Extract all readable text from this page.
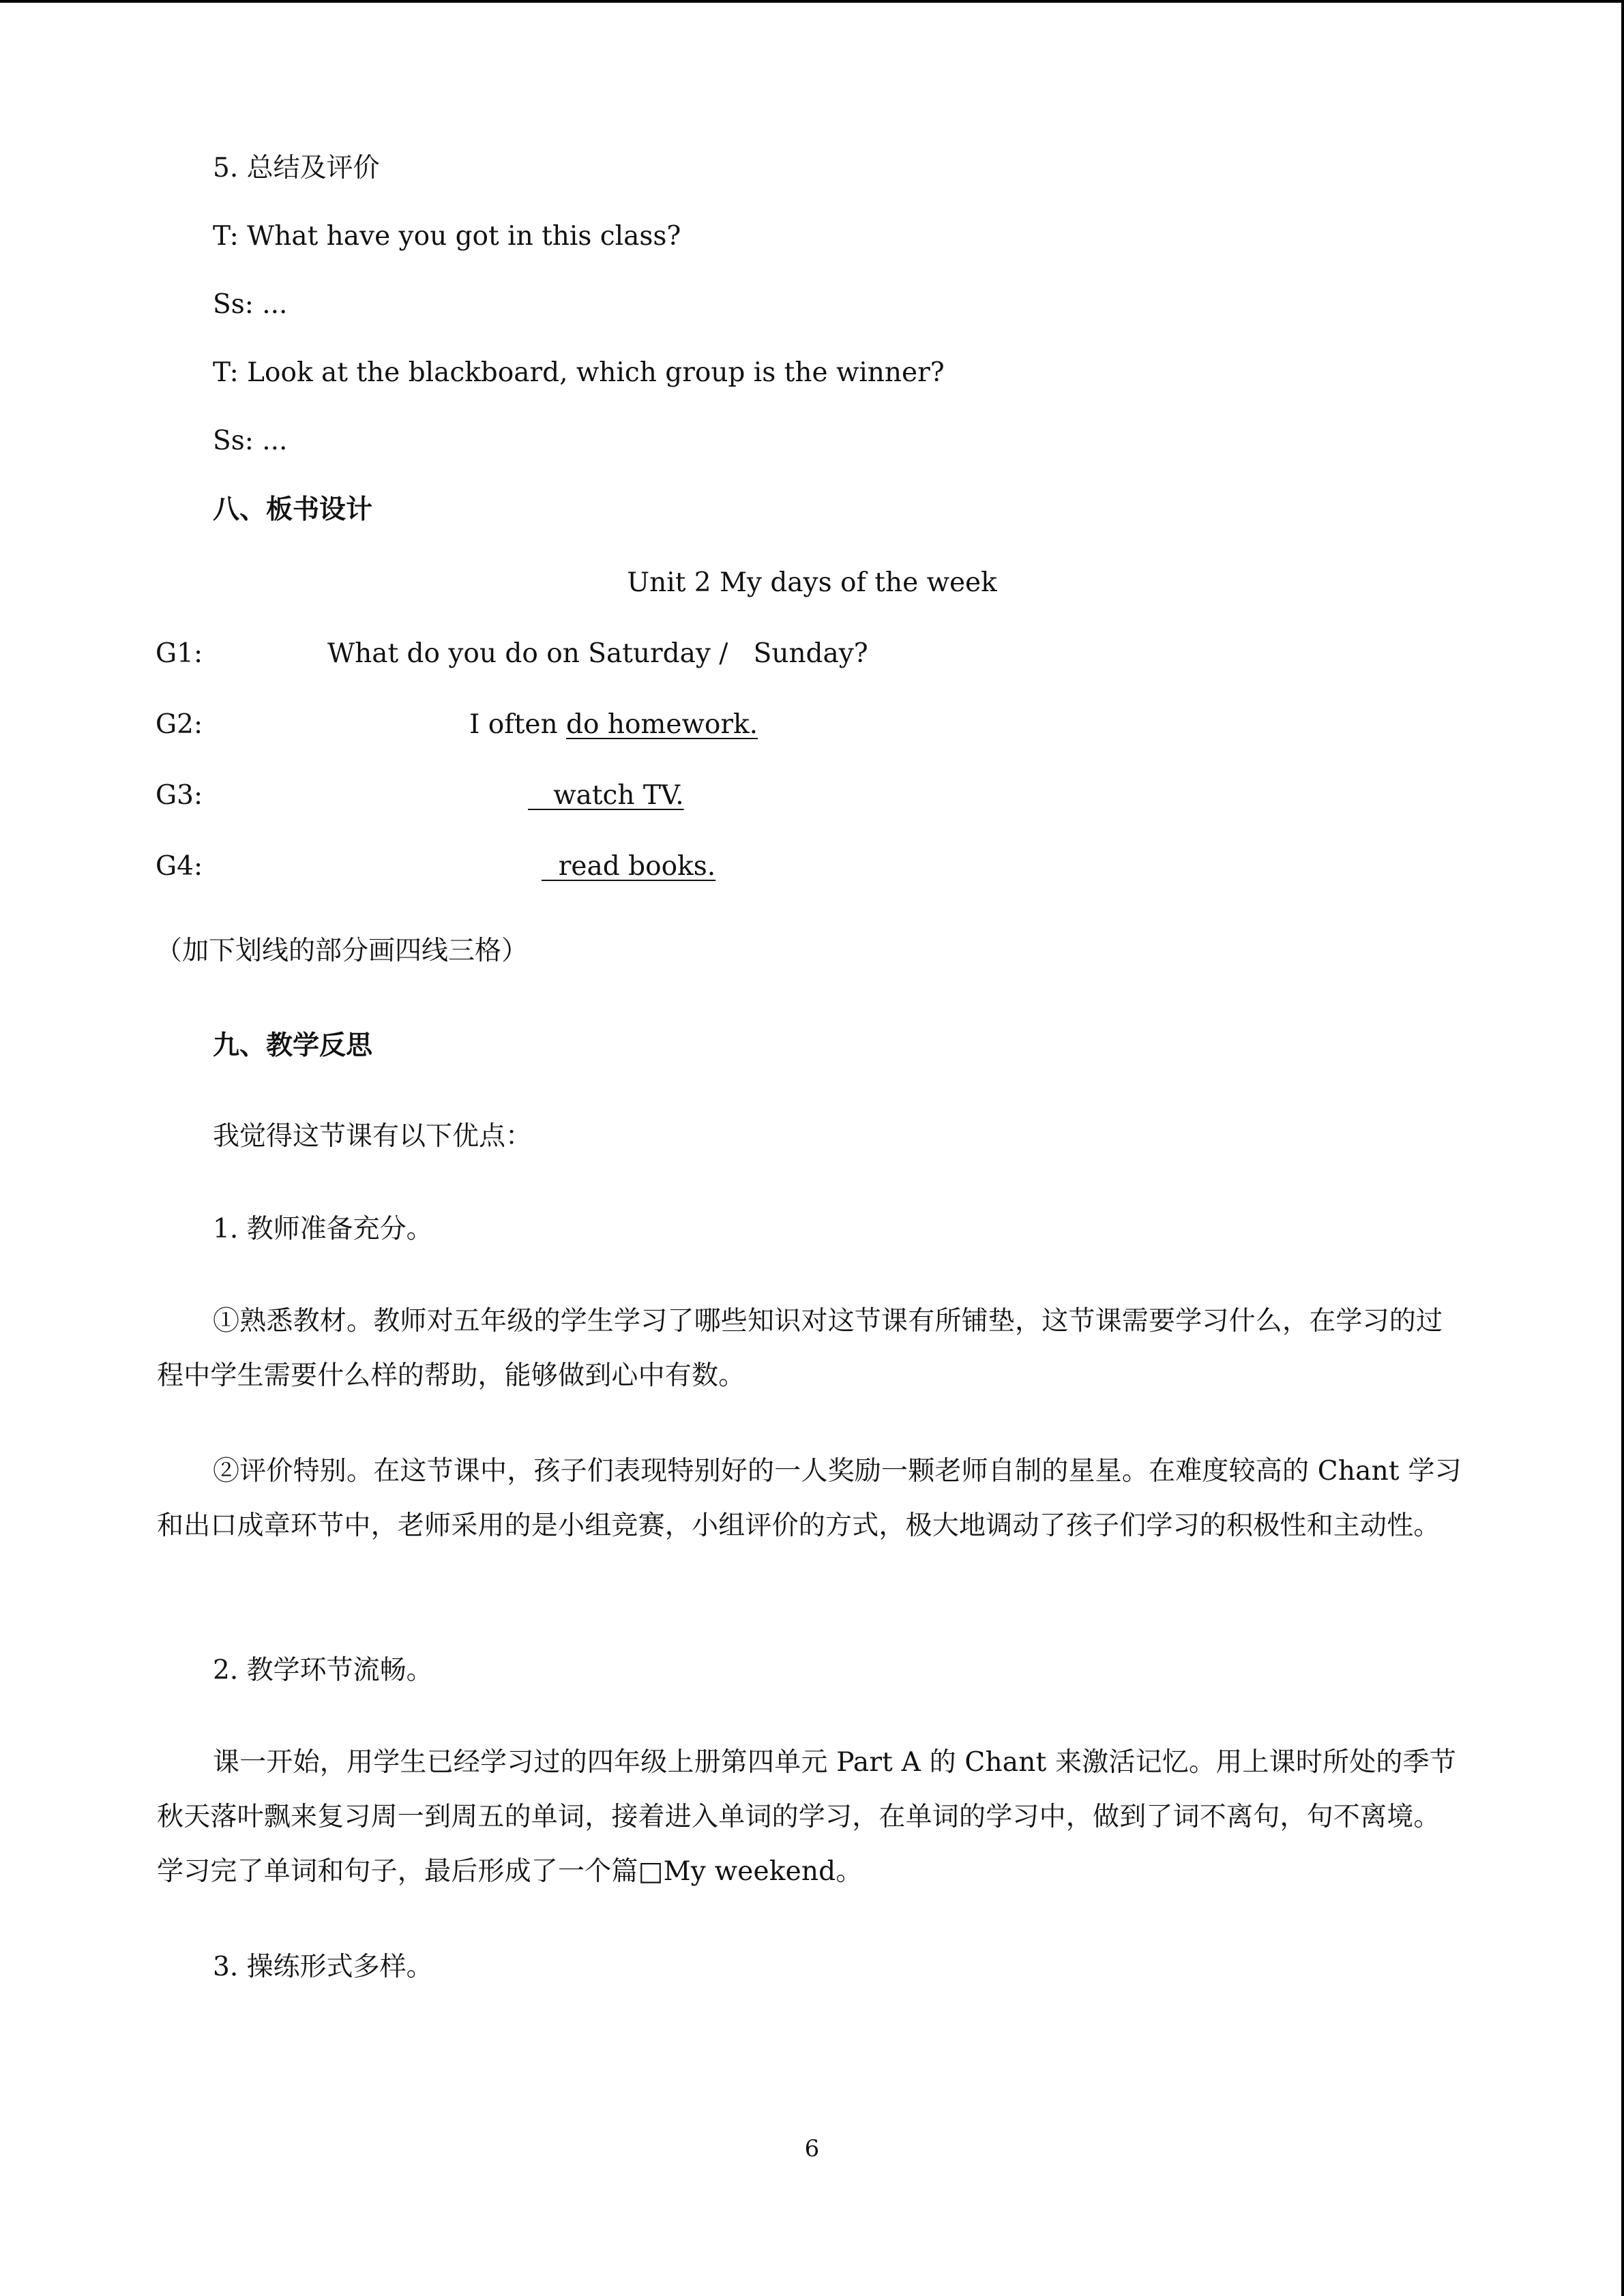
5. 总结及评价
T: What have you got in this class?
Ss: ...
T: Look at the blackboard, which group is the winner?
Ss: ...
八、板书设计
Unit 2 My days of the week
G1:	What do you do on Saturday /   Sunday?
G2:	I often do homework.
G3:	watch TV.
G4:	read books.
（加下划线的部分画四线三格）
九、教学反思
我觉得这节课有以下优点：
1. 教师准备充分。
①熟悉教材。教师对五年级的学生学习了哪些知识对这节课有所铺垫，这节课需要学习什么，在学习的过程中学生需要什么样的帮助，能够做到心中有数。
②评价特别。在这节课中，孩子们表现特别好的一人奖励一颗老师自制的星星。在难度较高的 Chant 学习和出口成章环节中，老师采用的是小组竞赛，小组评价的方式，极大地调动了孩子们学习的积极性和主动性。
2. 教学环节流畅。
课一开始，用学生已经学习过的四年级上册第四单元 Part A 的 Chant 来激活记忆。用上课时所处的季节秋天落叶飘来复习周一到周五的单词，接着进入单词的学习，在单词的学习中，做到了词不离句，句不离境。学习完了单词和句子，最后形成了一个篇□My weekend。
3. 操练形式多样。
6
